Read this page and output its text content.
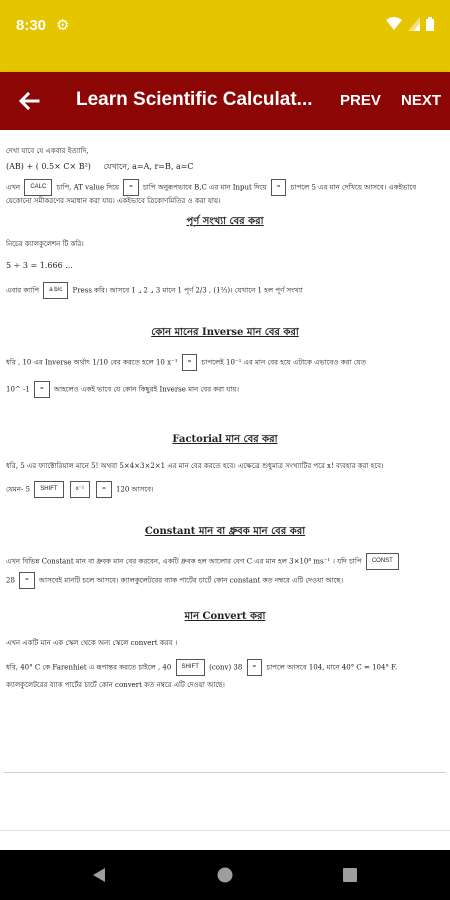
8:30 ⚙
Learn Scientific Calculat...	PREV NEXT

দেখা যাবে যে একবার ইত্যাদি,

(AB) + ( 0.5× C× B²) যেখানে, a=A, r=B, a=C

এখন CALC চাপি, AT value দিয়ে = চাপি অনুরূপভাবে B,C এর মান Input দিয়ে = চাপলে 5 এর মান দেখিয়ে আসবে। একইভাবে যেকোনো সমীকরণের সমাধান করা যায়। একইভাবে ত্রিকোণমিতির ও করা যায়।

পূর্ণ সংখ্যা বের করা

নিচের ক্যালকুলেশন টি করি।

5 ÷ 3 = 1.666 ...

এবার ক্যাপি a b/c Press করি। আসবে 1 ⌟ 2 ⌟ 3 মানে 1 পূর্ণ 2/3 , (1⅔)। যেখানে 1 হল পূর্ণ সংখ্যা

কোন মানের Inverse মান বের করা

ধরি , 10 এর Inverse অর্থাৎ 1/10 বের করতে হলে 10 x⁻¹ = চাপলেই 10⁻¹ এর মান বের হয়ে এটাকে এভাবেও করা যেত

10^ -1 = আহলেও একই ভাবে যে কোন কিছুরই Inverse মান বের করা যায়।

Factorial মান বের করা

ধরি, 5 এর ফ্যাক্টোরিয়াল মানে 5! অথবা 5×4×3×2×1 এর মান বের করতে হবে। এক্ষেত্রে শুধুমাত্র সংখ্যাটির পরে x! ব্যবহার করা হবে।

যেমন- 5 SHIFT	x⁻¹	= 120 আসবে।

Constant মান বা ধ্রুবক মান বের করা

এখন বিভিন্ন Constant মান বা ধ্রুবক মান বের করবেন, একটি ধ্রুবক হল আলোর বেগ C এর মান হল 3×10⁸ ms⁻¹ । যদি চাপি CONST

28 = আসবেই মানটি চলে আসবে। ক্যালকুলেটরের ব্যাক পার্টের চার্টে কোন constant কত নম্বরে এটি দেওয়া আছে।

মান Convert করা

এখন একটি মান এক স্কেল থেকে অন্য স্কেলে convert করব ।

ধরি, 40° C কে Farenhiet এ রূপান্তর করতে চাইলে , 40 SHIFT (conv) 38 = চাপলে আসবে 104, মানে 40° C = 104° F.

ক্যালকুলেটরের ব্যাক পার্টের চার্টে কোন convert কত নম্বরে এটি দেওয়া আছে।
